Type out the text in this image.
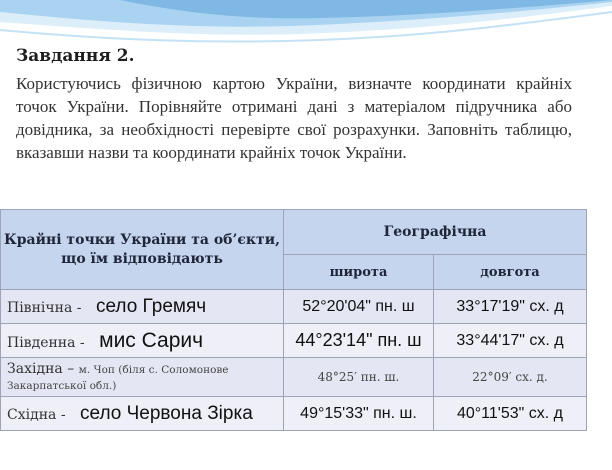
Завдання 2.

Користуючись фізичною картою України, визначте координати крайніх точок України. Порівняйте отримані дані з матеріалом підручника або довідника, за необхідності перевірте свої розрахунки. Заповніть таблицю, вказавши назви та координати крайніх точок України.

Крайні точки України та об’єкти, що їм відповідають	Географічна	
	широта	довгота
Північна - село Гремяч	52°20'04" пн. ш	33°17'19" сх. д
Південна - мис Сарич	44°23'14" пн. ш	33°44'17" сх. д
Західна – м. Чоп (біля с. Соломонове Закарпатської обл.)	48°25′ пн. ш.	22°09′ сх. д.
Східна - село Червона Зірка	49°15'33" пн. ш.	40°11'53" сх. д
